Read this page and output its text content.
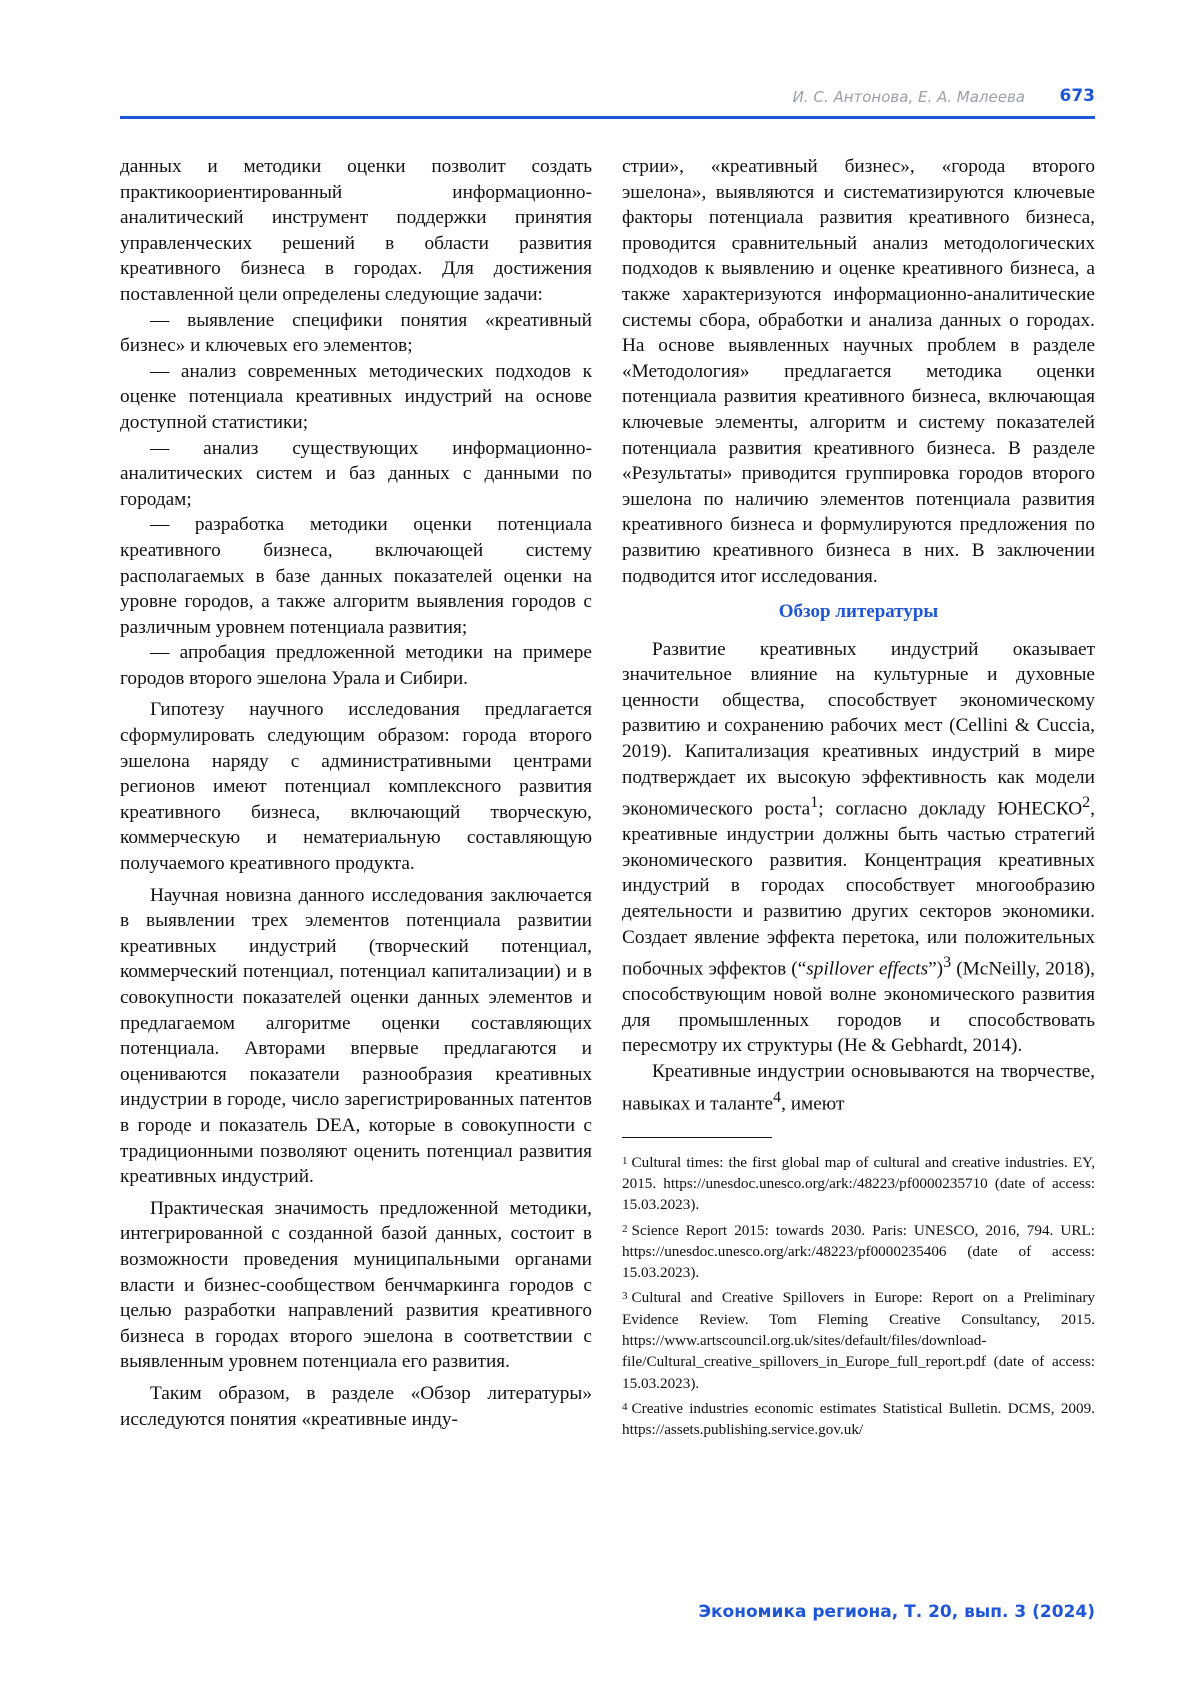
И. С. Антонова, Е. А. Малеева 673

данных и методики оценки позволит создать практикоориентированный информационно-аналитический инструмент поддержки принятия управленческих решений в области развития креативного бизнеса в городах. Для достижения поставленной цели определены следующие задачи:

— выявление специфики понятия «креативный бизнес» и ключевых его элементов;

— анализ современных методических подходов к оценке потенциала креативных индустрий на основе доступной статистики;

— анализ существующих информационно-аналитических систем и баз данных с данными по городам;

— разработка методики оценки потенциала креативного бизнеса, включающей систему располагаемых в базе данных показателей оценки на уровне городов, а также алгоритм выявления городов с различным уровнем потенциала развития;

— апробация предложенной методики на примере городов второго эшелона Урала и Сибири.

Гипотезу научного исследования предлагается сформулировать следующим образом: города второго эшелона наряду с административными центрами регионов имеют потенциал комплексного развития креативного бизнеса, включающий творческую, коммерческую и нематериальную составляющую получаемого креативного продукта.

Научная новизна данного исследования заключается в выявлении трех элементов потенциала развитии креативных индустрий (творческий потенциал, коммерческий потенциал, потенциал капитализации) и в совокупности показателей оценки данных элементов и предлагаемом алгоритме оценки составляющих потенциала. Авторами впервые предлагаются и оцениваются показатели разнообразия креативных индустрии в городе, число зарегистрированных патентов в городе и показатель DEA, которые в совокупности с традиционными позволяют оценить потенциал развития креативных индустрий.

Практическая значимость предложенной методики, интегрированной с созданной базой данных, состоит в возможности проведения муниципальными органами власти и бизнес-сообществом бенчмаркинга городов с целью разработки направлений развития креативного бизнеса в городах второго эшелона в соответствии с выявленным уровнем потенциала его развития.

Таким образом, в разделе «Обзор литературы» исследуются понятия «креативные инду-

стрии», «креативный бизнес», «города второго эшелона», выявляются и систематизируются ключевые факторы потенциала развития креативного бизнеса, проводится сравнительный анализ методологических подходов к выявлению и оценке креативного бизнеса, а также характеризуются информационно-аналитические системы сбора, обработки и анализа данных о городах. На основе выявленных научных проблем в разделе «Методология» предлагается методика оценки потенциала развития креативного бизнеса, включающая ключевые элементы, алгоритм и систему показателей потенциала развития креативного бизнеса. В разделе «Результаты» приводится группировка городов второго эшелона по наличию элементов потенциала развития креативного бизнеса и формулируются предложения по развитию креативного бизнеса в них. В заключении подводится итог исследования.

Обзор литературы

Развитие креативных индустрий оказывает значительное влияние на культурные и духовные ценности общества, способствует экономическому развитию и сохранению рабочих мест (Cellini & Cuccia, 2019). Капитализация креативных индустрий в мире подтверждает их высокую эффективность как модели экономического роста$^1$; согласно докладу ЮНЕСКО$^2$, креативные индустрии должны быть частью стратегий экономического развития. Концентрация креативных индустрий в городах способствует многообразию деятельности и развитию других секторов экономики. Создает явление эффекта перетока, или положительных побочных эффектов (“spillover effects”)$^3$ (McNeilly, 2018), способствующим новой волне экономического развития для промышленных городов и способствовать пересмотру их структуры (He & Gebhardt, 2014).

Креативные индустрии основываются на творчестве, навыках и таланте$^4$, имеют

$^1$ Cultural times: the first global map of cultural and creative industries. EY, 2015. https://unesdoc.unesco.org/ark:/48223/pf0000235710 (date of access: 15.03.2023).

$^2$ Science Report 2015: towards 2030. Paris: UNESCO, 2016, 794. URL: https://unesdoc.unesco.org/ark:/48223/pf0000235406 (date of access: 15.03.2023).

$^3$ Cultural and Creative Spillovers in Europe: Report on a Preliminary Evidence Review. Tom Fleming Creative Consultancy, 2015. https://www.artscouncil.org.uk/sites/default/files/download-file/Cultural_creative_spillovers_in_Europe_full_report.pdf (date of access: 15.03.2023).

$^4$ Creative industries economic estimates Statistical Bulletin. DCMS, 2009. https://assets.publishing.service.gov.uk/

Экономика региона, Т. 20, вып. 3 (2024)
